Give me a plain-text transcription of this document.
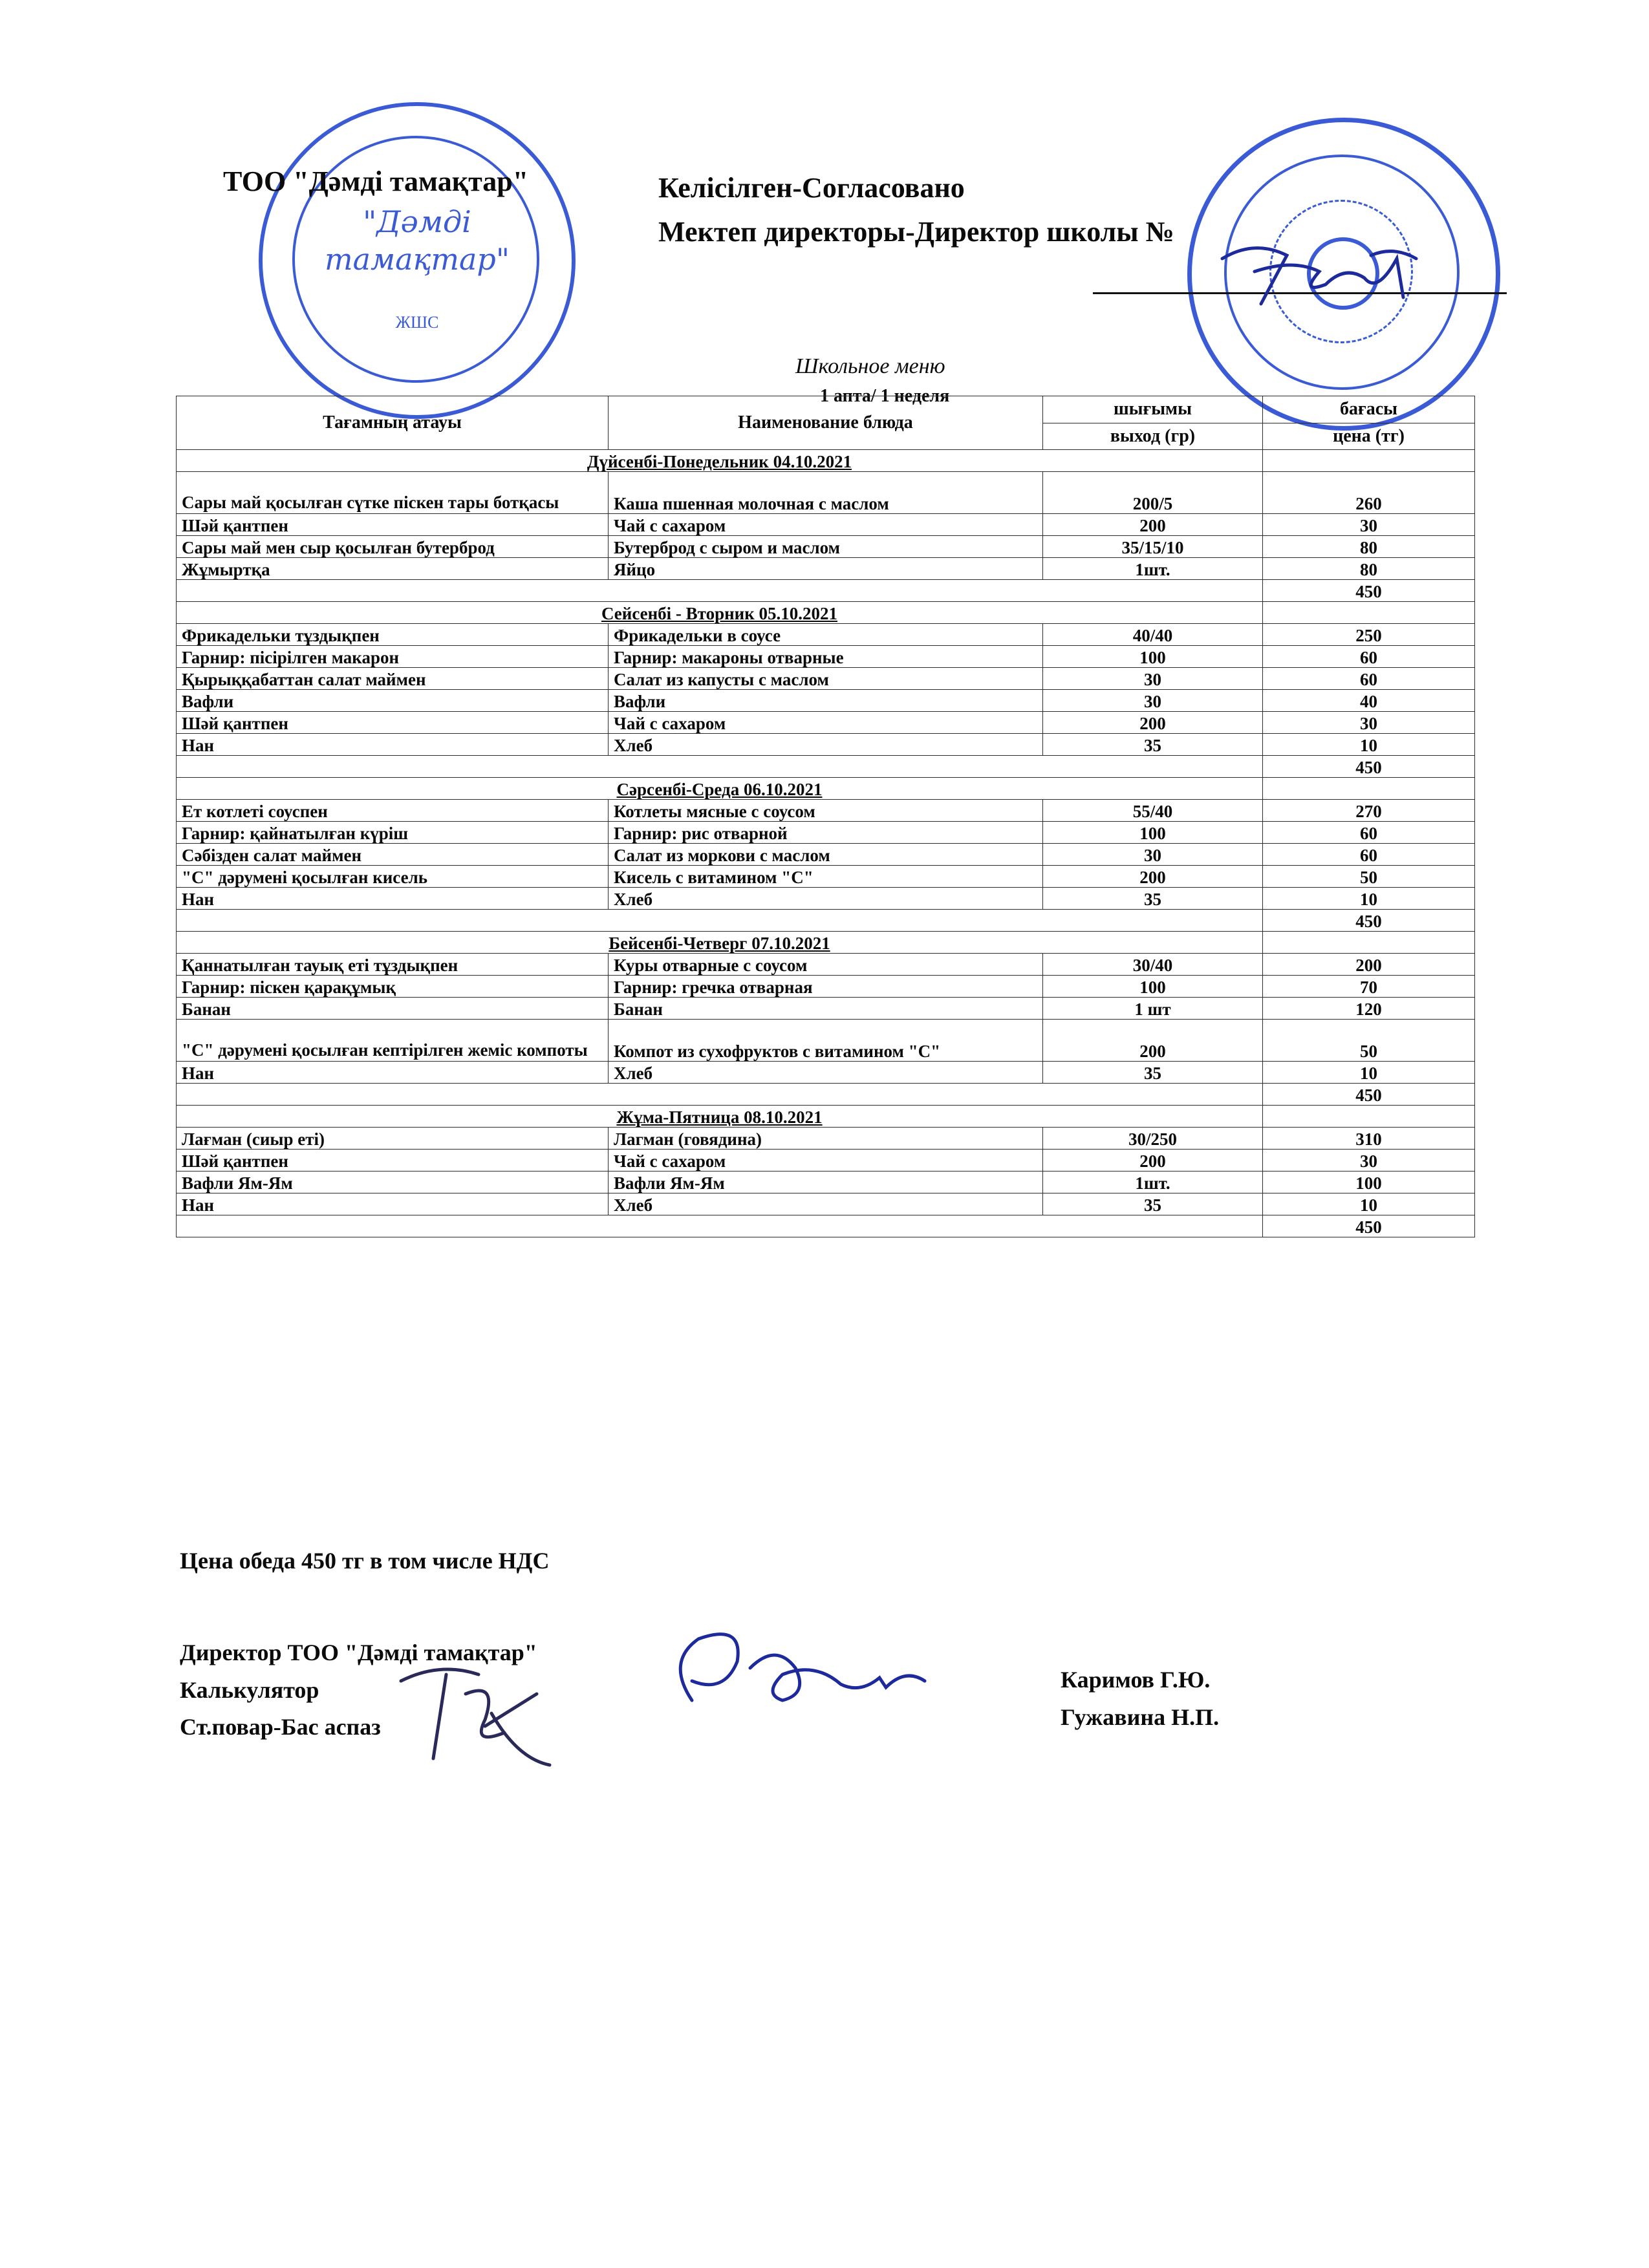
"Дәмді тамақтар"
ЖШС
ТОО "Дәмді тамақтар"	Келісілген-Согласовано
Мектеп директоры-Директор школы №
Школьное меню
1 апта/ 1 неделя
Тағамның атауы	Наименование блюда	шығымы	бағасы
		выход (гр)	цена (тг)
Дүйсенбі-Понедельник 04.10.2021			
Сары май қосылған сүтке піскен тары ботқасы	Каша пшенная молочная с маслом	200/5	260
Шәй қантпен	Чай с сахаром	200	30
Сары май мен сыр қосылған бутерброд	Бутерброд с сыром и маслом	35/15/10	80
Жұмыртқа	Яйцо	1шт.	80
			450
Сейсенбі - Вторник 05.10.2021			
Фрикадельки тұздықпен	Фрикадельки в соусе	40/40	250
Гарнир: пісірілген макарон	Гарнир: макароны отварные	100	60
Қырыққабаттан салат маймен	Салат из капусты с маслом	30	60
Вафли	Вафли	30	40
Шәй қантпен	Чай с сахаром	200	30
Нан	Хлеб	35	10
			450
Сәрсенбі-Среда 06.10.2021			
Ет котлеті соуспен	Котлеты мясные с соусом	55/40	270
Гарнир: қайнатылған күріш	Гарнир: рис отварной	100	60
Сәбізден салат маймен	Салат из моркови с маслом	30	60
"С" дәрумені қосылған кисель	Кисель с витамином "С"	200	50
Нан	Хлеб	35	10
			450
Бейсенбі-Четверг 07.10.2021			
Қаннатылған тауық еті тұздықпен	Куры отварные с соусом	30/40	200
Гарнир: піскен қарақұмық	Гарнир: гречка отварная	100	70
Банан	Банан	1 шт	120
"С" дәрумені қосылған кептірілген жеміс компоты	Компот из сухофруктов с витамином "С"	200	50
Нан	Хлеб	35	10
			450
Жұма-Пятница 08.10.2021			
Лағман (сиыр еті)	Лагман (говядина)	30/250	310
Шәй қантпен	Чай с сахаром	200	30
Вафли Ям-Ям	Вафли Ям-Ям	1шт.	100
Нан	Хлеб	35	10
			450
Цена обеда 450 тг в том числе НДС
Директор ТОО "Дәмді тамақтар"
Калькулятор
Ст.повар-Бас аспаз
Каримов Г.Ю.
Гужавина Н.П.
